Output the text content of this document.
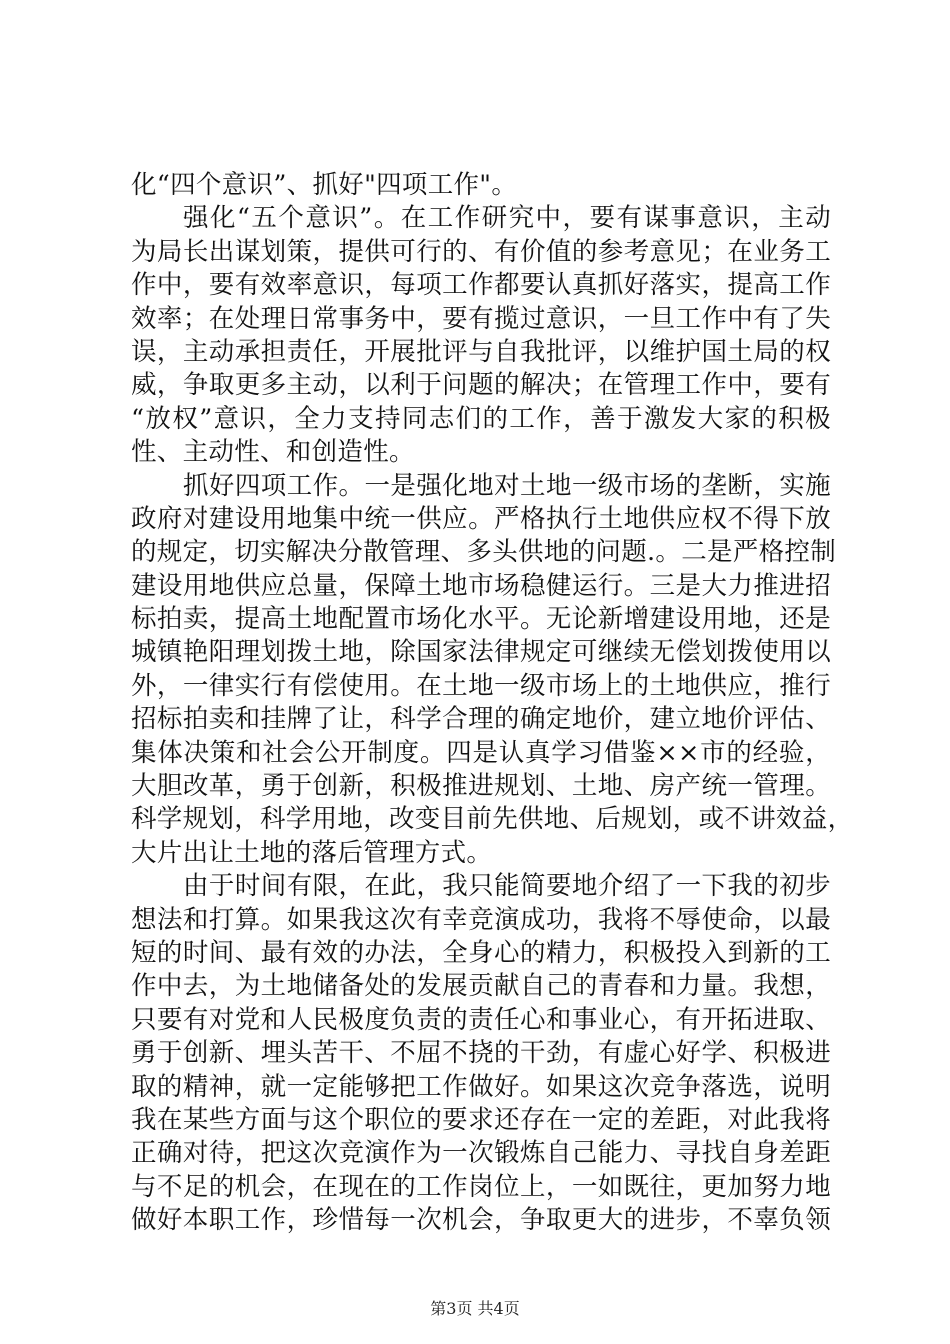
化“四个意识”、抓好"四项工作"。
强化“五个意识”。在工作研究中，要有谋事意识，主动
为局长出谋划策，提供可行的、有价值的参考意见；在业务工
作中，要有效率意识，每项工作都要认真抓好落实，提高工作
效率；在处理日常事务中，要有揽过意识，一旦工作中有了失
误，主动承担责任，开展批评与自我批评，以维护国土局的权
威，争取更多主动，以利于问题的解决；在管理工作中，要有
“放权”意识，全力支持同志们的工作，善于激发大家的积极
性、主动性、和创造性。
抓好四项工作。一是强化地对土地一级市场的垄断，实施
政府对建设用地集中统一供应。严格执行土地供应权不得下放
的规定，切实解决分散管理、多头供地的问题.。二是严格控制
建设用地供应总量，保障土地市场稳健运行。三是大力推进招
标拍卖，提高土地配置市场化水平。无论新增建设用地，还是
城镇艳阳理划拨土地，除国家法律规定可继续无偿划拨使用以
外，一律实行有偿使用。在土地一级市场上的土地供应，推行
招标拍卖和挂牌了让，科学合理的确定地价，建立地价评估、
集体决策和社会公开制度。四是认真学习借鉴××市的经验，
大胆改革，勇于创新，积极推进规划、土地、房产统一管理。
科学规划，科学用地，改变目前先供地、后规划，或不讲效益，
大片出让土地的落后管理方式。
由于时间有限，在此，我只能简要地介绍了一下我的初步
想法和打算。如果我这次有幸竞演成功，我将不辱使命，以最
短的时间、最有效的办法，全身心的精力，积极投入到新的工
作中去，为土地储备处的发展贡献自己的青春和力量。我想，
只要有对党和人民极度负责的责任心和事业心，有开拓进取、
勇于创新、埋头苦干、不屈不挠的干劲，有虚心好学、积极进
取的精神，就一定能够把工作做好。如果这次竞争落选，说明
我在某些方面与这个职位的要求还存在一定的差距，对此我将
正确对待，把这次竞演作为一次锻炼自己能力、寻找自身差距
与不足的机会，在现在的工作岗位上，一如既往，更加努力地
做好本职工作，珍惜每一次机会，争取更大的进步，不辜负领
第3页 共4页
